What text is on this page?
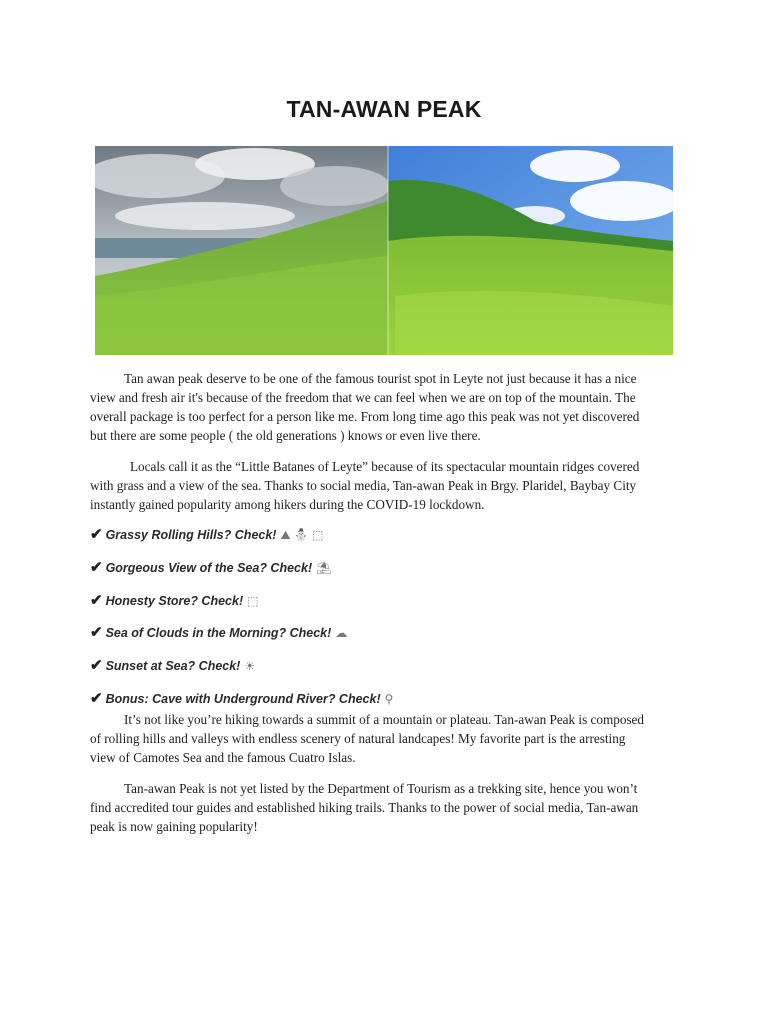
TAN-AWAN PEAK
Tan awan peak deserve to be one of the famous tourist spot in Leyte not just because it has a nice
view and fresh air it's because of the freedom that we can feel when we are on top of the mountain. The
overall package is too perfect for a person like me. From long time ago this peak was not yet discovered
but there are some people ( the old generations ) knows or even live there.
Locals call it as the “Little Batanes of Leyte” because of its spectacular mountain ridges covered
with grass and a view of the sea. Thanks to social media, Tan-awan Peak in Brgy. Plaridel, Baybay City
instantly gained popularity among hikers during the COVID-19 lockdown.
✔ Grassy Rolling Hills? Check! ⛰ ⛄ ⬚
✔ Gorgeous View of the Sea? Check! ⛱
✔ Honesty Store? Check! ⬚
✔ Sea of Clouds in the Morning? Check! ☁
✔ Sunset at Sea? Check! ☀
✔ Bonus: Cave with Underground River? Check! ⚲
It’s not like you’re hiking towards a summit of a mountain or plateau. Tan-awan Peak is composed
of rolling hills and valleys with endless scenery of natural landcapes! My favorite part is the arresting
view of Camotes Sea and the famous Cuatro Islas.
Tan-awan Peak is not yet listed by the Department of Tourism as a trekking site, hence you won’t
find accredited tour guides and established hiking trails. Thanks to the power of social media, Tan-awan
peak is now gaining popularity!
